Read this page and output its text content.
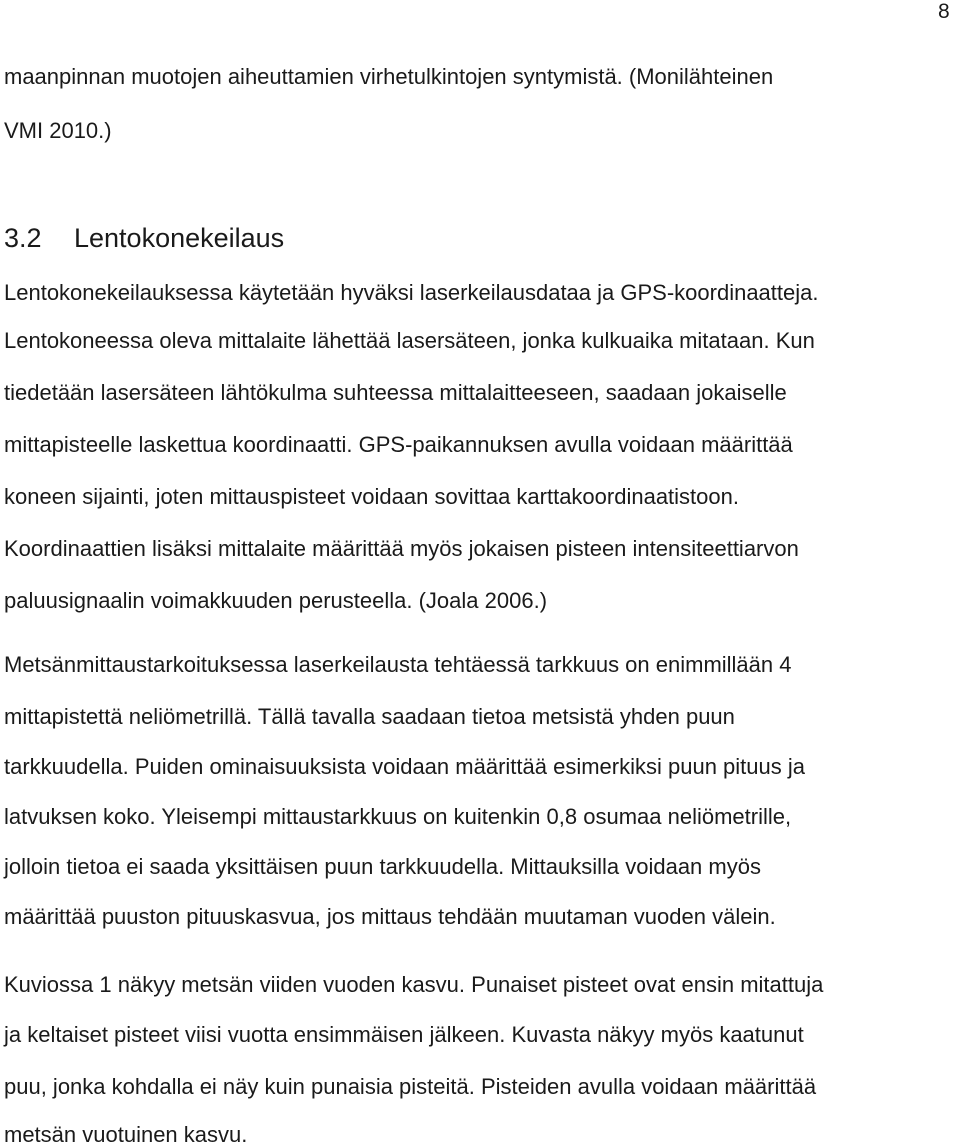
8
maanpinnan muotojen aiheuttamien virhetulkintojen syntymistä. (Monilähteinen
VMI 2010.)
3.2 Lentokonekeilaus
Lentokonekeilauksessa käytetään hyväksi laserkeilausdataa ja GPS-koordinaatteja.
Lentokoneessa oleva mittalaite lähettää lasersäteen, jonka kulkuaika mitataan. Kun
tiedetään lasersäteen lähtökulma suhteessa mittalaitteeseen, saadaan jokaiselle
mittapisteelle laskettua koordinaatti. GPS-paikannuksen avulla voidaan määrittää
koneen sijainti, joten mittauspisteet voidaan sovittaa karttakoordinaatistoon.
Koordinaattien lisäksi mittalaite määrittää myös jokaisen pisteen intensiteettiarvon
paluusignaalin voimakkuuden perusteella. (Joala 2006.)
Metsänmittaustarkoituksessa laserkeilausta tehtäessä tarkkuus on enimmillään 4
mittapistettä neliömetrillä. Tällä tavalla saadaan tietoa metsistä yhden puun
tarkkuudella. Puiden ominaisuuksista voidaan määrittää esimerkiksi puun pituus ja
latvuksen koko. Yleisempi mittaustarkkuus on kuitenkin 0,8 osumaa neliömetrille,
jolloin tietoa ei saada yksittäisen puun tarkkuudella. Mittauksilla voidaan myös
määrittää puuston pituuskasvua, jos mittaus tehdään muutaman vuoden välein.
Kuviossa 1 näkyy metsän viiden vuoden kasvu. Punaiset pisteet ovat ensin mitattuja
ja keltaiset pisteet viisi vuotta ensimmäisen jälkeen. Kuvasta näkyy myös kaatunut
puu, jonka kohdalla ei näy kuin punaisia pisteitä. Pisteiden avulla voidaan määrittää
metsän vuotuinen kasvu.
